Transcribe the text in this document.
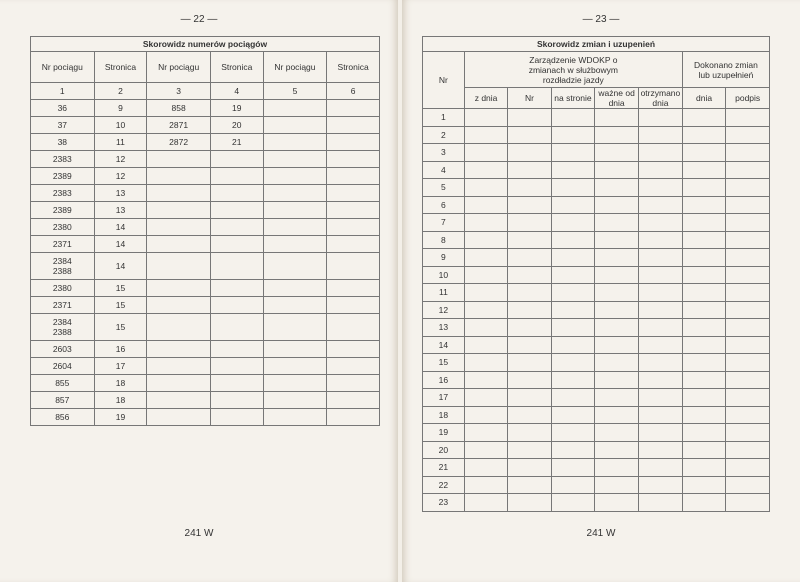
— 22 —
Skorowidz numerów pociągów					
Nr pociągu	Stronica	Nr pociągu	Stronica	Nr pociągu	Stronica
1	2	3	4	5	6
36	9	858	19		
37	10	2871	20		
38	11	2872	21		
2383	12				
2389	12				
2383	13				
2389	13				
2380	14				
2371	14				
2384
2388	14				
2380	15				
2371	15				
2384
2388	15				
2603	16				
2604	17				
855	18				
857	18				
856	19				
241 W
— 23 —
Skorowidz zmian i uzupenień							
Nr	Zarządzenie WDOKP o zmianach w służbowym rozdładzie jazdy					Dokonano zmian lub uzupełnień	
	z dnia	Nr	na stronie	ważne od dnia	otrzymano dnia	dnia	podpis
1							
2							
3							
4							
5							
6							
7							
8							
9							
10							
11							
12							
13							
14							
15							
16							
17							
18							
19							
20							
21							
22							
23							
241 W
